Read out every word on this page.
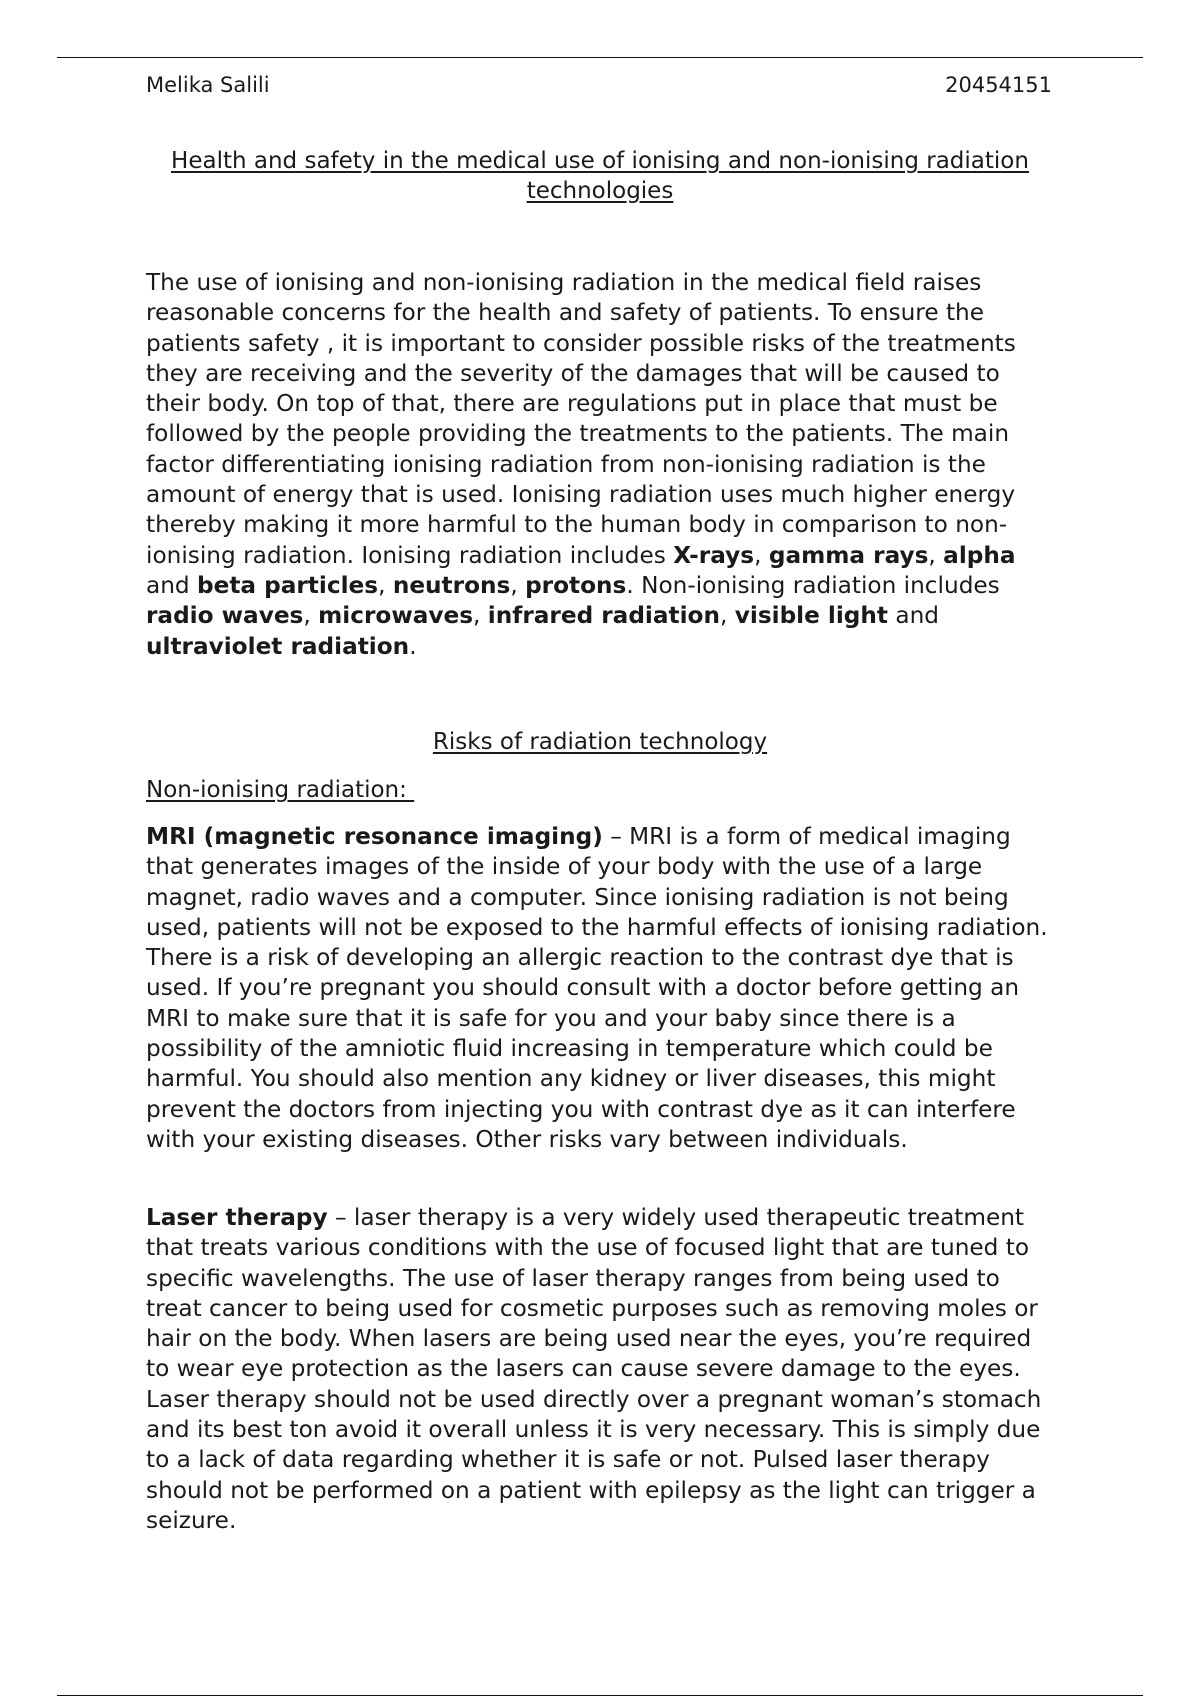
Melika Salili	20454151
Health and safety in the medical use of ionising and non-ionising radiation technologies

The use of ionising and non-ionising radiation in the medical field raises reasonable concerns for the health and safety of patients. To ensure the patients safety , it is important to consider possible risks of the treatments they are receiving and the severity of the damages that will be caused to their body. On top of that, there are regulations put in place that must be followed by the people providing the treatments to the patients. The main factor differentiating ionising radiation from non-ionising radiation is the amount of energy that is used. Ionising radiation uses much higher energy thereby making it more harmful to the human body in comparison to non-ionising radiation. Ionising radiation includes X-rays, gamma rays, alpha and beta particles, neutrons, protons. Non-ionising radiation includes radio waves, microwaves, infrared radiation, visible light and ultraviolet radiation.

Risks of radiation technology
Non-ionising radiation:

MRI (magnetic resonance imaging) – MRI is a form of medical imaging that generates images of the inside of your body with the use of a large magnet, radio waves and a computer. Since ionising radiation is not being used, patients will not be exposed to the harmful effects of ionising radiation. There is a risk of developing an allergic reaction to the contrast dye that is used. If you’re pregnant you should consult with a doctor before getting an MRI to make sure that it is safe for you and your baby since there is a possibility of the amniotic fluid increasing in temperature which could be harmful. You should also mention any kidney or liver diseases, this might prevent the doctors from injecting you with contrast dye as it can interfere with your existing diseases. Other risks vary between individuals.

Laser therapy – laser therapy is a very widely used therapeutic treatment that treats various conditions with the use of focused light that are tuned to specific wavelengths. The use of laser therapy ranges from being used to treat cancer to being used for cosmetic purposes such as removing moles or hair on the body. When lasers are being used near the eyes, you’re required to wear eye protection as the lasers can cause severe damage to the eyes. Laser therapy should not be used directly over a pregnant woman’s stomach and its best ton avoid it overall unless it is very necessary. This is simply due to a lack of data regarding whether it is safe or not. Pulsed laser therapy should not be performed on a patient with epilepsy as the light can trigger a seizure.
